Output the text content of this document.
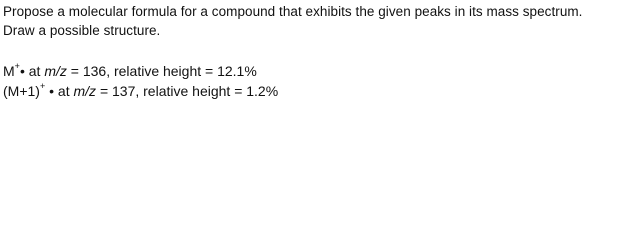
Propose a molecular formula for a compound that exhibits the given peaks in its mass spectrum.

Draw a possible structure.

M+• at m/z = 136, relative height = 12.1%
(M+1)+ • at m/z = 137, relative height = 1.2%
